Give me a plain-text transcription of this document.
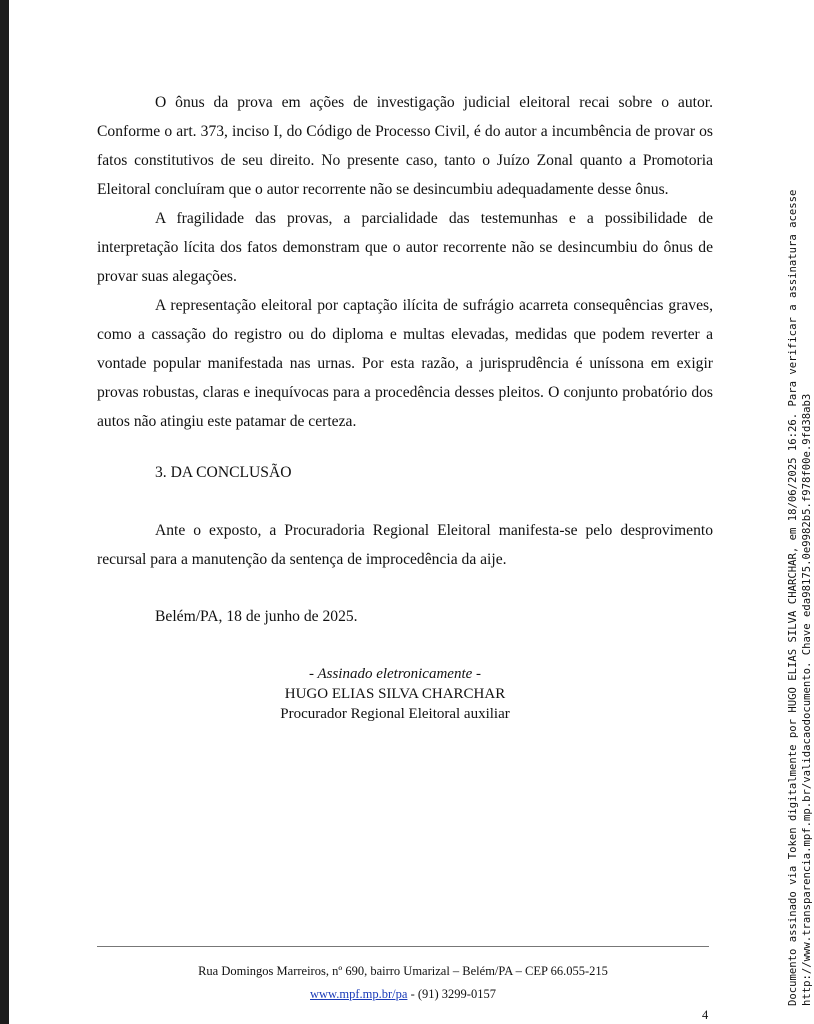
O ônus da prova em ações de investigação judicial eleitoral recai sobre o autor. Conforme o art. 373, inciso I, do Código de Processo Civil, é do autor a incumbência de provar os fatos constitutivos de seu direito. No presente caso, tanto o Juízo Zonal quanto a Promotoria Eleitoral concluíram que o autor recorrente não se desincumbiu adequadamente desse ônus.

A fragilidade das provas, a parcialidade das testemunhas e a possibilidade de interpretação lícita dos fatos demonstram que o autor recorrente não se desincumbiu do ônus de provar suas alegações.

A representação eleitoral por captação ilícita de sufrágio acarreta consequências graves, como a cassação do registro ou do diploma e multas elevadas, medidas que podem reverter a vontade popular manifestada nas urnas. Por esta razão, a jurisprudência é uníssona em exigir provas robustas, claras e inequívocas para a procedência desses pleitos. O conjunto probatório dos autos não atingiu este patamar de certeza.

3. DA CONCLUSÃO

Ante o exposto, a Procuradoria Regional Eleitoral manifesta-se pelo desprovimento recursal para a manutenção da sentença de improcedência da aije.

Belém/PA, 18 de junho de 2025.
- Assinado eletronicamente -
HUGO ELIAS SILVA CHARCHAR
Procurador Regional Eleitoral auxiliar
Rua Domingos Marreiros, nº 690, bairro Umarizal – Belém/PA – CEP 66.055-215
www.mpf.mp.br/pa - (91) 3299-0157
4
Documento assinado via Token digitalmente por HUGO ELIAS SILVA CHARCHAR, em 18/06/2025 16:26. Para verificar a assinatura acesse http://www.transparencia.mpf.mp.br/validacaodocumento. Chave eda98175.0e9982b5.f978f00e.9fd38ab3
